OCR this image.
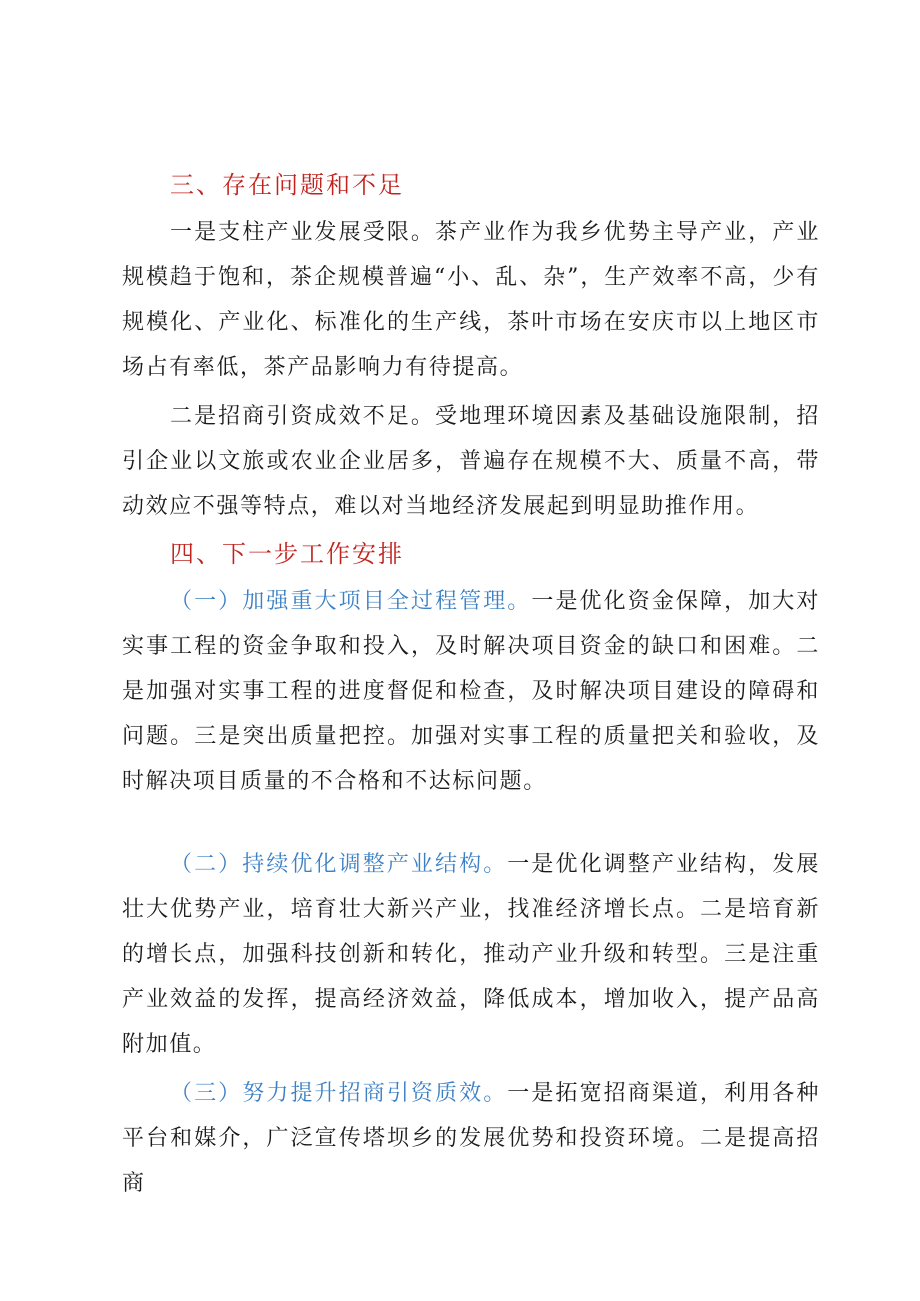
三、存在问题和不足

一是支柱产业发展受限。茶产业作为我乡优势主导产业，产业规模趋于饱和，茶企规模普遍“小、乱、杂”，生产效率不高，少有规模化、产业化、标准化的生产线，茶叶市场在安庆市以上地区市场占有率低，茶产品影响力有待提高。

二是招商引资成效不足。受地理环境因素及基础设施限制，招引企业以文旅或农业企业居多，普遍存在规模不大、质量不高，带动效应不强等特点，难以对当地经济发展起到明显助推作用。

四、下一步工作安排

（一）加强重大项目全过程管理。一是优化资金保障，加大对实事工程的资金争取和投入，及时解决项目资金的缺口和困难。二是加强对实事工程的进度督促和检查，及时解决项目建设的障碍和问题。三是突出质量把控。加强对实事工程的质量把关和验收，及时解决项目质量的不合格和不达标问题。

（二）持续优化调整产业结构。一是优化调整产业结构，发展壮大优势产业，培育壮大新兴产业，找准经济增长点。二是培育新的增长点，加强科技创新和转化，推动产业升级和转型。三是注重产业效益的发挥，提高经济效益，降低成本，增加收入，提产品高附加值。

（三）努力提升招商引资质效。一是拓宽招商渠道，利用各种平台和媒介，广泛宣传塔坝乡的发展优势和投资环境。二是提高招商
